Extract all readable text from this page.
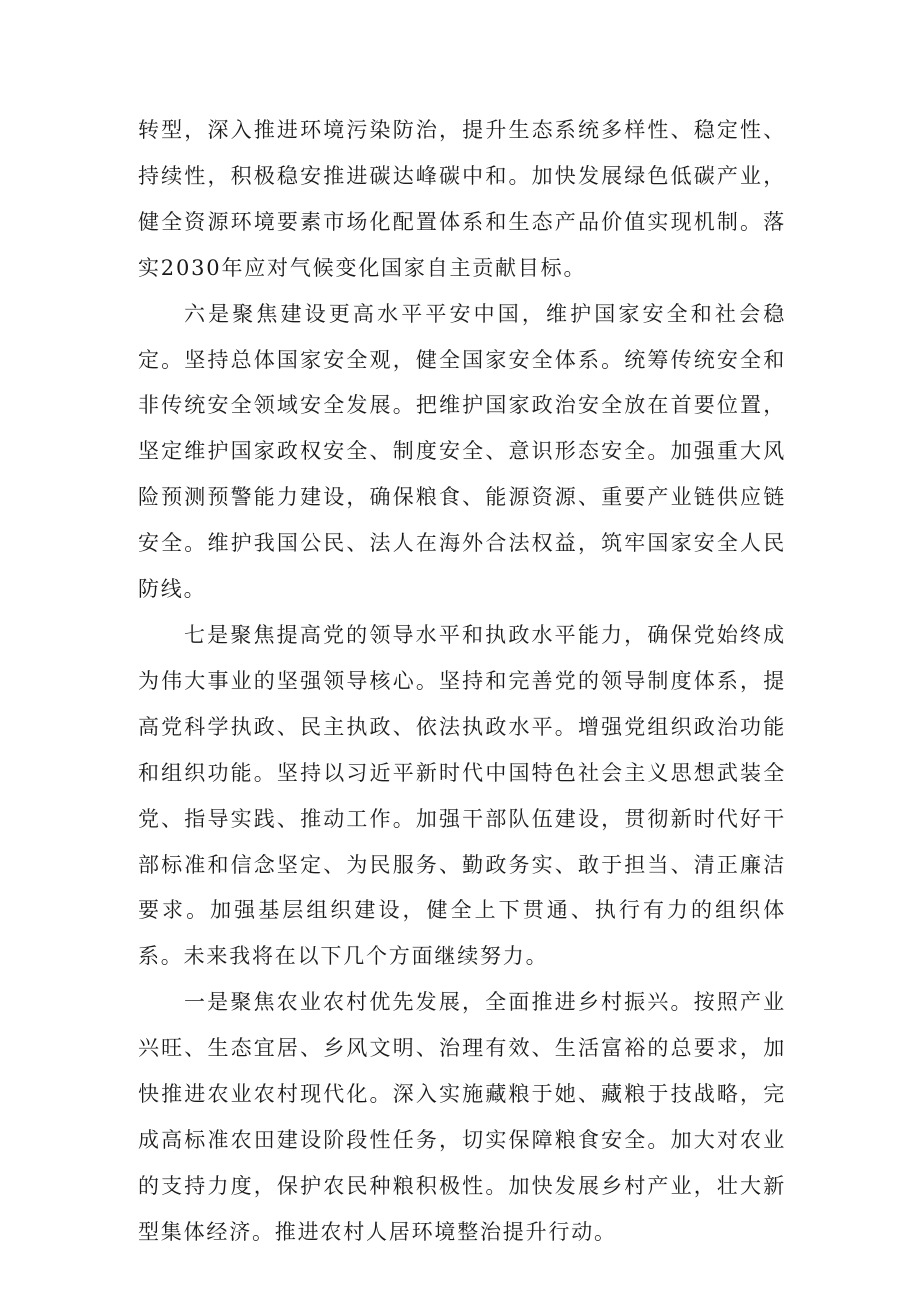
转型，深入推进环境污染防治，提升生态系统多样性、稳定性、持续性，积极稳安推进碳达峰碳中和。加快发展绿色低碳产业，健全资源环境要素市场化配置体系和生态产品价值实现机制。落实2030年应对气候变化国家自主贡献目标。

六是聚焦建设更高水平平安中国，维护国家安全和社会稳定。坚持总体国家安全观，健全国家安全体系。统筹传统安全和非传统安全领域安全发展。把维护国家政治安全放在首要位置，坚定维护国家政权安全、制度安全、意识形态安全。加强重大风险预测预警能力建设，确保粮食、能源资源、重要产业链供应链安全。维护我国公民、法人在海外合法权益，筑牢国家安全人民防线。

七是聚焦提高党的领导水平和执政水平能力，确保党始终成为伟大事业的坚强领导核心。坚持和完善党的领导制度体系，提高党科学执政、民主执政、依法执政水平。增强党组织政治功能和组织功能。坚持以习近平新时代中国特色社会主义思想武装全党、指导实践、推动工作。加强干部队伍建设，贯彻新时代好干部标准和信念坚定、为民服务、勤政务实、敢于担当、清正廉洁要求。加强基层组织建设，健全上下贯通、执行有力的组织体系。未来我将在以下几个方面继续努力。

一是聚焦农业农村优先发展，全面推进乡村振兴。按照产业兴旺、生态宜居、乡风文明、治理有效、生活富裕的总要求，加快推进农业农村现代化。深入实施藏粮于她、藏粮于技战略，完成高标准农田建设阶段性任务，切实保障粮食安全。加大对农业的支持力度，保护农民种粮积极性。加快发展乡村产业，壮大新型集体经济。推进农村人居环境整治提升行动。
